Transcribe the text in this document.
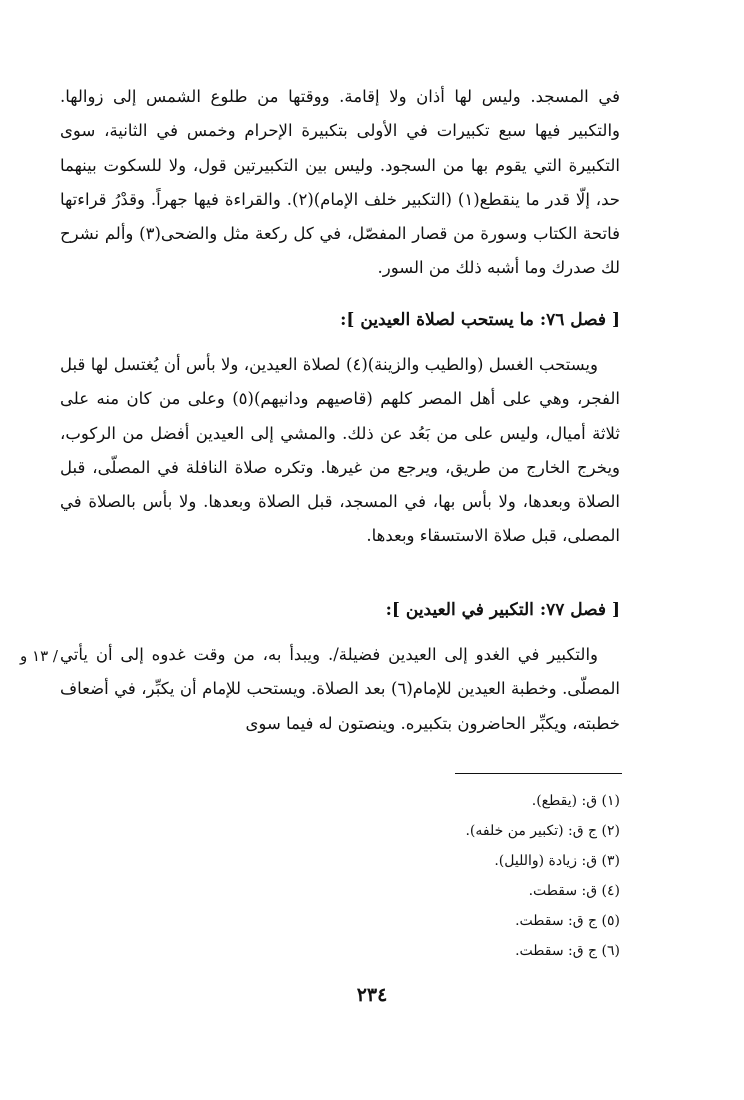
في المسجد. وليس لها أذان ولا إقامة. ووقتها من طلوع الشمس إلى زوالها. والتكبير فيها سبع تكبيرات في الأولى بتكبيرة الإحرام وخمس في الثانية، سوى التكبيرة التي يقوم بها من السجود. وليس بين التكبيرتين قول، ولا للسكوت بينهما حد، إلّا قدر ما ينقطع(١) (التكبير خلف الإمام)(٢). والقراءة فيها جهراً. وقدْرُ قراءتها فاتحة الكتاب وسورة من قصار المفصّل، في كل ركعة مثل والضحى(٣) وألم نشرح لك صدرك وما أشبه ذلك من السور.

[ فصل ٧٦: ما يستحب لصلاة العيدين ]:

ويستحب الغسل (والطيب والزينة)(٤) لصلاة العيدين، ولا بأس أن يُغتسل لها قبل الفجر، وهي على أهل المصر كلهم (قاصيهم ودانيهم)(٥) وعلى من كان منه على ثلاثة أميال، وليس على من بَعُد عن ذلك. والمشي إلى العيدين أفضل من الركوب، ويخرج الخارج من طريق، ويرجع من غيرها. وتكره صلاة النافلة في المصلّى، قبل الصلاة وبعدها، ولا بأس بها، في المسجد، قبل الصلاة وبعدها. ولا بأس بالصلاة في المصلى، قبل صلاة الاستسقاء وبعدها.

[ فصل ٧٧: التكبير في العيدين ]:
/ ١٣ و والتكبير في الغدو إلى العيدين فضيلة/. ويبدأ به، من وقت غدوه إلى أن يأتي المصلّى. وخطبة العيدين للإمام(٦) بعد الصلاة. ويستحب للإمام أن يكبِّر، في أضعاف خطبته، ويكبِّر الحاضرون بتكبيره. وينصتون له فيما سوى

(١) ق: (يقطع).
(٢) ج ق: (تكبير من خلفه).
(٣) ق: زيادة (والليل).
(٤) ق: سقطت.
(٥) ج ق: سقطت.
(٦) ج ق: سقطت.
٢٣٤
